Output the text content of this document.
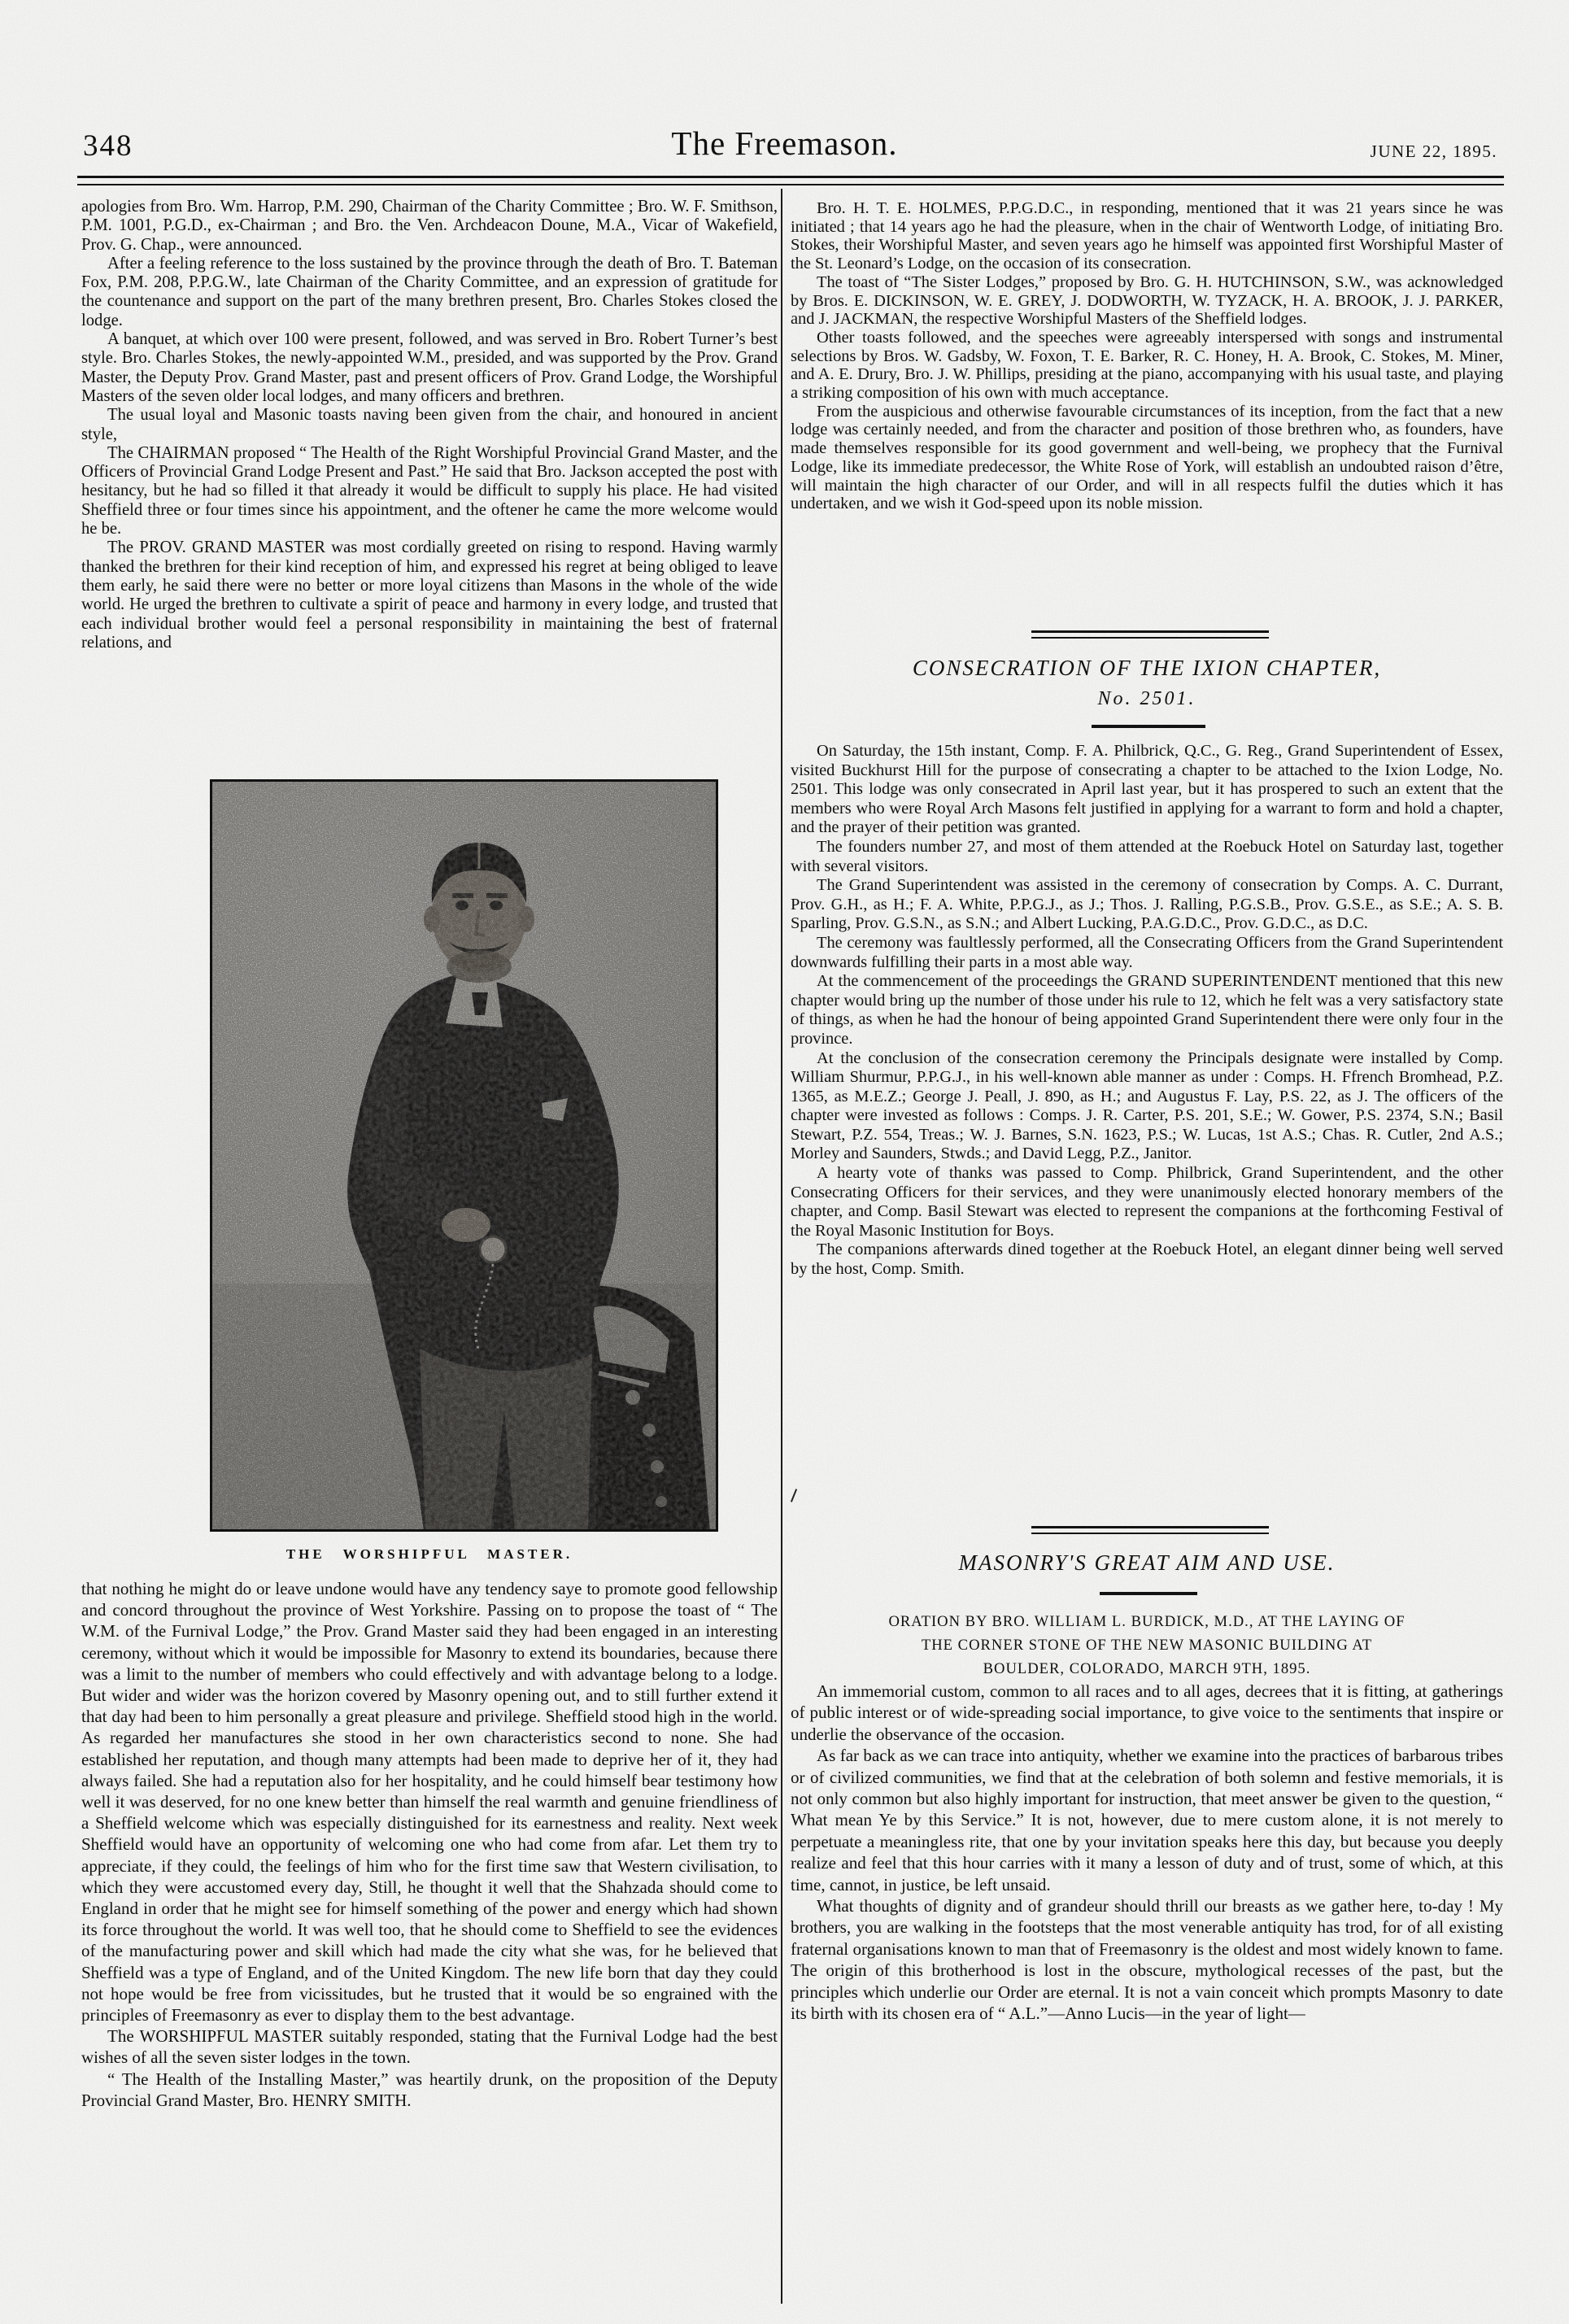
348	The Freemason.	JUNE 22, 1895.

apologies from Bro. Wm. Harrop, P.M. 290, Chairman of the Charity Committee ; Bro. W. F. Smithson, P.M. 1001, P.G.D., ex-Chairman ; and Bro. the Ven. Archdeacon Doune, M.A., Vicar of Wakefield, Prov. G. Chap., were announced.

After a feeling reference to the loss sustained by the province through the death of Bro. T. Bateman Fox, P.M. 208, P.P.G.W., late Chairman of the Charity Committee, and an expression of gratitude for the countenance and support on the part of the many brethren present, Bro. Charles Stokes closed the lodge.

A banquet, at which over 100 were present, followed, and was served in Bro. Robert Turner’s best style. Bro. Charles Stokes, the newly-appointed W.M., presided, and was supported by the Prov. Grand Master, the Deputy Prov. Grand Master, past and present officers of Prov. Grand Lodge, the Worshipful Masters of the seven older local lodges, and many officers and brethren.

The usual loyal and Masonic toasts naving been given from the chair, and honoured in ancient style,

The CHAIRMAN proposed “ The Health of the Right Worshipful Provincial Grand Master, and the Officers of Provincial Grand Lodge Present and Past.” He said that Bro. Jackson accepted the post with hesitancy, but he had so filled it that already it would be difficult to supply his place. He had visited Sheffield three or four times since his appointment, and the oftener he came the more welcome would he be.

The PROV. GRAND MASTER was most cordially greeted on rising to respond. Having warmly thanked the brethren for their kind reception of him, and expressed his regret at being obliged to leave them early, he said there were no better or more loyal citizens than Masons in the whole of the wide world. He urged the brethren to cultivate a spirit of peace and harmony in every lodge, and trusted that each individual brother would feel a personal responsibility in maintaining the best of fraternal relations, and

THE WORSHIPFUL MASTER.

that nothing he might do or leave undone would have any tendency saye to promote good fellowship and concord throughout the province of West Yorkshire. Passing on to propose the toast of “ The W.M. of the Furnival Lodge,” the Prov. Grand Master said they had been engaged in an interesting ceremony, without which it would be impossible for Masonry to extend its boundaries, because there was a limit to the number of members who could effectively and with advantage belong to a lodge. But wider and wider was the horizon covered by Masonry opening out, and to still further extend it that day had been to him personally a great pleasure and privilege. Sheffield stood high in the world. As regarded her manufactures she stood in her own characteristics second to none. She had established her reputation, and though many attempts had been made to deprive her of it, they had always failed. She had a reputation also for her hospitality, and he could himself bear testimony how well it was deserved, for no one knew better than himself the real warmth and genuine friendliness of a Sheffield welcome which was especially distinguished for its earnestness and reality. Next week Sheffield would have an opportunity of welcoming one who had come from afar. Let them try to appreciate, if they could, the feelings of him who for the first time saw that Western civilisation, to which they were accustomed every day, Still, he thought it well that the Shahzada should come to England in order that he might see for himself something of the power and energy which had shown its force throughout the world. It was well too, that he should come to Sheffield to see the evidences of the manufacturing power and skill which had made the city what she was, for he believed that Sheffield was a type of England, and of the United Kingdom. The new life born that day they could not hope would be free from vicissitudes, but he trusted that it would be so engrained with the principles of Freemasonry as ever to display them to the best advantage.

The WORSHIPFUL MASTER suitably responded, stating that the Furnival Lodge had the best wishes of all the seven sister lodges in the town.

“ The Health of the Installing Master,” was heartily drunk, on the proposition of the Deputy Provincial Grand Master, Bro. HENRY SMITH.

Bro. H. T. E. HOLMES, P.P.G.D.C., in responding, mentioned that it was 21 years since he was initiated ; that 14 years ago he had the pleasure, when in the chair of Wentworth Lodge, of initiating Bro. Stokes, their Worshipful Master, and seven years ago he himself was appointed first Worshipful Master of the St. Leonard’s Lodge, on the occasion of its consecration.

The toast of “The Sister Lodges,” proposed by Bro. G. H. HUTCHINSON, S.W., was acknowledged by Bros. E. DICKINSON, W. E. GREY, J. DODWORTH, W. TYZACK, H. A. BROOK, J. J. PARKER, and J. JACKMAN, the respective Worshipful Masters of the Sheffield lodges.

Other toasts followed, and the speeches were agreeably interspersed with songs and instrumental selections by Bros. W. Gadsby, W. Foxon, T. E. Barker, R. C. Honey, H. A. Brook, C. Stokes, M. Miner, and A. E. Drury, Bro. J. W. Phillips, presiding at the piano, accompanying with his usual taste, and playing a striking composition of his own with much acceptance.

From the auspicious and otherwise favourable circumstances of its inception, from the fact that a new lodge was certainly needed, and from the character and position of those brethren who, as founders, have made themselves responsible for its good government and well-being, we prophecy that the Furnival Lodge, like its immediate predecessor, the White Rose of York, will establish an undoubted raison d’être, will maintain the high character of our Order, and will in all respects fulfil the duties which it has undertaken, and we wish it God-speed upon its noble mission.

CONSECRATION OF THE IXION CHAPTER,
No. 2501.

On Saturday, the 15th instant, Comp. F. A. Philbrick, Q.C., G. Reg., Grand Superintendent of Essex, visited Buckhurst Hill for the purpose of consecrating a chapter to be attached to the Ixion Lodge, No. 2501. This lodge was only consecrated in April last year, but it has prospered to such an extent that the members who were Royal Arch Masons felt justified in applying for a warrant to form and hold a chapter, and the prayer of their petition was granted.

The founders number 27, and most of them attended at the Roebuck Hotel on Saturday last, together with several visitors.

The Grand Superintendent was assisted in the ceremony of consecration by Comps. A. C. Durrant, Prov. G.H., as H.; F. A. White, P.P.G.J., as J.; Thos. J. Ralling, P.G.S.B., Prov. G.S.E., as S.E.; A. S. B. Sparling, Prov. G.S.N., as S.N.; and Albert Lucking, P.A.G.D.C., Prov. G.D.C., as D.C.

The ceremony was faultlessly performed, all the Consecrating Officers from the Grand Superintendent downwards fulfilling their parts in a most able way.

At the commencement of the proceedings the GRAND SUPERINTENDENT mentioned that this new chapter would bring up the number of those under his rule to 12, which he felt was a very satisfactory state of things, as when he had the honour of being appointed Grand Superintendent there were only four in the province.

At the conclusion of the consecration ceremony the Principals designate were installed by Comp. William Shurmur, P.P.G.J., in his well-known able manner as under : Comps. H. Ffrench Bromhead, P.Z. 1365, as M.E.Z.; George J. Peall, J. 890, as H.; and Augustus F. Lay, P.S. 22, as J. The officers of the chapter were invested as follows : Comps. J. R. Carter, P.S. 201, S.E.; W. Gower, P.S. 2374, S.N.; Basil Stewart, P.Z. 554, Treas.; W. J. Barnes, S.N. 1623, P.S.; W. Lucas, 1st A.S.; Chas. R. Cutler, 2nd A.S.; Morley and Saunders, Stwds.; and David Legg, P.Z., Janitor.

A hearty vote of thanks was passed to Comp. Philbrick, Grand Superintendent, and the other Consecrating Officers for their services, and they were unanimously elected honorary members of the chapter, and Comp. Basil Stewart was elected to represent the companions at the forthcoming Festival of the Royal Masonic Institution for Boys.

The companions afterwards dined together at the Roebuck Hotel, an elegant dinner being well served by the host, Comp. Smith.

MASONRY'S GREAT AIM AND USE.
ORATION BY BRO. WILLIAM L. BURDICK, M.D., AT THE LAYING OF
THE CORNER STONE OF THE NEW MASONIC BUILDING AT
BOULDER, COLORADO, MARCH 9TH, 1895.

An immemorial custom, common to all races and to all ages, decrees that it is fitting, at gatherings of public interest or of wide-spreading social importance, to give voice to the sentiments that inspire or underlie the observance of the occasion.

As far back as we can trace into antiquity, whether we examine into the practices of barbarous tribes or of civilized communities, we find that at the celebration of both solemn and festive memorials, it is not only common but also highly important for instruction, that meet answer be given to the question, “ What mean Ye by this Service.” It is not, however, due to mere custom alone, it is not merely to perpetuate a meaningless rite, that one by your invitation speaks here this day, but because you deeply realize and feel that this hour carries with it many a lesson of duty and of trust, some of which, at this time, cannot, in justice, be left unsaid.

What thoughts of dignity and of grandeur should thrill our breasts as we gather here, to-day ! My brothers, you are walking in the footsteps that the most venerable antiquity has trod, for of all existing fraternal organisations known to man that of Freemasonry is the oldest and most widely known to fame. The origin of this brotherhood is lost in the obscure, mythological recesses of the past, but the principles which underlie our Order are eternal. It is not a vain conceit which prompts Masonry to date its birth with its chosen era of “ A.L.”—Anno Lucis—in the year of light—
